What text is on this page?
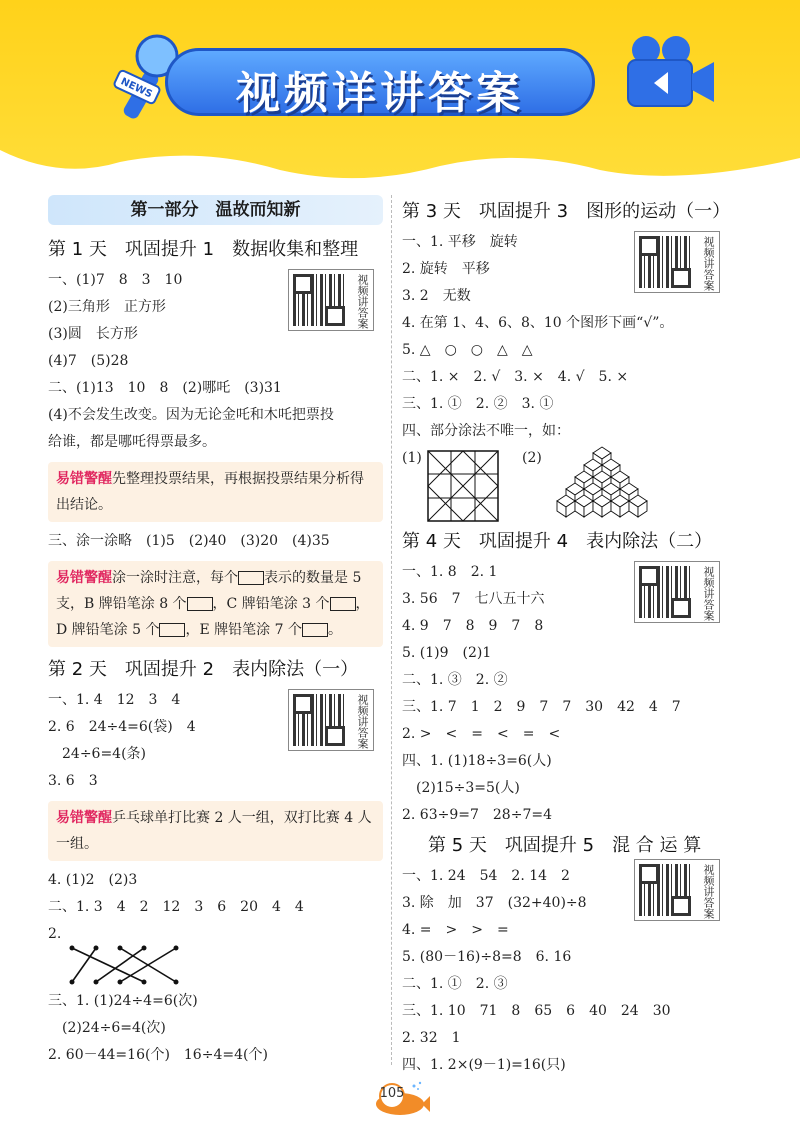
NEWS	视频详讲答案
第一部分　温故而知新
第 1 天　巩固提升 1　数据收集和整理
视频讲答案
一、(1)7　8　3　10
(2)三角形　正方形
(3)圆　长方形
(4)7　(5)28
二、(1)13　10　8　(2)哪吒　(3)31
(4)不会发生改变。因为无论金吒和木吒把票投
给谁，都是哪吒得票最多。
易错警醒先整理投票结果，再根据投票结果分析得出结论。
三、涂一涂略　(1)5　(2)40　(3)20　(4)35
易错警醒涂一涂时注意，每个 表示的数量是 5 支，B 牌铅笔涂 8 个 ，C 牌铅笔涂 3 个 ，D 牌铅笔涂 5 个 ，E 牌铅笔涂 7 个 。
第 2 天　巩固提升 2　表内除法（一）
视频讲答案
一、1. 4　12　3　4
2. 6　24÷4=6(袋)　4
　24÷6=4(条)
3. 6　3
易错警醒乒乓球单打比赛 2 人一组，双打比赛 4 人一组。
4. (1)2　(2)3
二、1. 3　4　2　12　3　6　20　4　4
2.
三、1. (1)24÷4=6(次)
　(2)24÷6=4(次)
2. 60－44=16(个)　16÷4=4(个)
第 3 天　巩固提升 3　图形的运动（一）
视频讲答案
一、1. 平移　旋转
2. 旋转　平移
3. 2　无数
4. 在第 1、4、6、8、10 个图形下画“√”。
5. △　○　○　△　△
二、1. ×　2. √　3. ×　4. √　5. ×
三、1. ①　2. ②　3. ①
四、部分涂法不唯一，如：
(1)	(2)
第 4 天　巩固提升 4　表内除法（二）
视频讲答案
一、1. 8　2. 1
3. 56　7　七八五十六
4. 9　7　8　9　7　8
5. (1)9　(2)1
二、1. ③　2. ②
三、1. 7　1　2　9　7　7　30　42　4　7
2. >　<　=　<　=　<
四、1. (1)18÷3=6(人)
　(2)15÷3=5(人)
2. 63÷9=7　28÷7=4
第 5 天　巩固提升 5　混 合 运 算
视频讲答案
一、1. 24　54　2. 14　2
3. 除　加　37　(32+40)÷8
4. =　>　>　=
5. (80－16)÷8=8　6. 16
二、1. ①　2. ③
三、1. 10　71　8　65　6　40　24　30
2. 32　1
四、1. 2×(9－1)=16(只)
105
